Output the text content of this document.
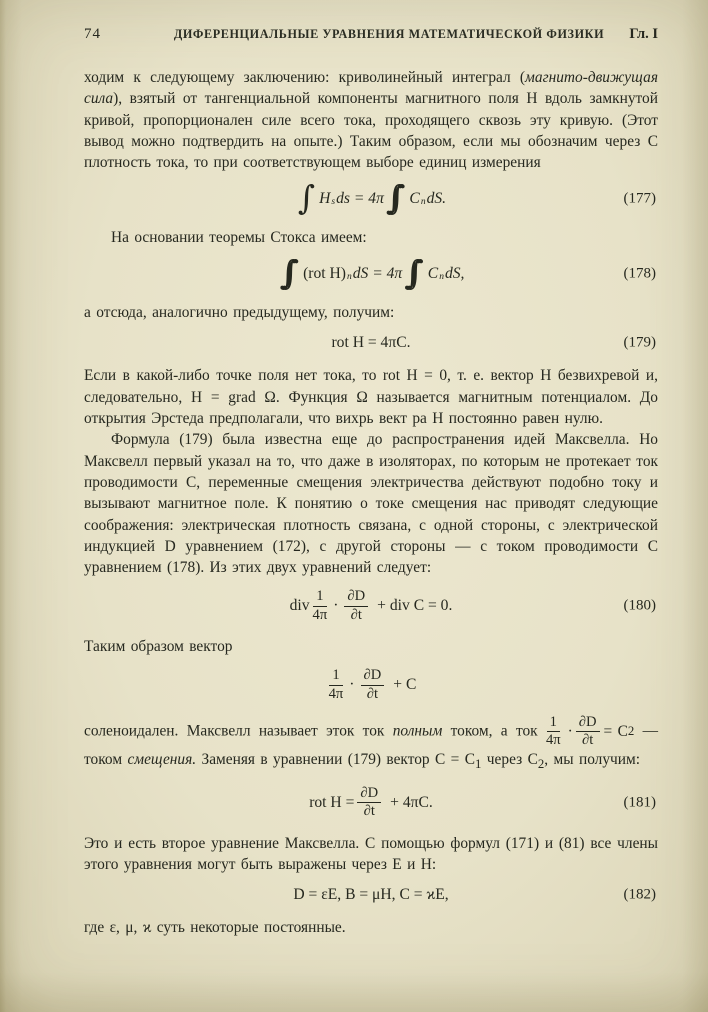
74	ДИФЕРЕНЦИАЛЬНЫЕ УРАВНЕНИЯ МАТЕМАТИЧЕСКОЙ ФИЗИКИ	Гл. I
ходим к следующему заключению: криволинейный интеграл (магнито-движущая сила), взятый от тангенциальной компоненты магнитного поля H вдоль замкнутой кривой, пропорционален силе всего тока, проходящего сквозь эту кривую. (Этот вывод можно подтвердить на опыте.) Таким образом, если мы обозначим через C плотность тока, то при соответствующем выборе единиц измерения
∫ $H_s$ ds = 4π ∫∫	$C_n$ dS.	(177)
На основании теоремы Стокса имеем:
∫∫	(rot $H)_n$ dS = 4π ∫∫	$C_n$ dS,	(178)
а отсюда, аналогично предыдущему, получим:
rot H = 4πC.	(179)
Если в какой-либо точке поля нет тока, то rot H = 0, т. е. вектор H безвихревой и, следовательно, H = grad Ω. Функция Ω называется магнитным потенциалом. До открытия Эрстеда предполагали, что вихрь вект ра H постоянно равен нулю.
Формула (179) была известна еще до распространения идей Максвелла. Но Максвелл первый указал на то, что даже в изоляторах, по которым не протекает ток проводимости C, переменные смещения электричества действуют подобно току и вызывают магнитное поле. К понятию о токе смещения нас приводят следующие соображения: электрическая плотность связана, с одной стороны, с электрической индукцией D уравнением (172), с другой стороны — с током проводимости C уравнением (178). Из этих двух уравнений следует:
div $\frac{1}{4\pi} \cdot \frac{\partial D}{\partial t}$ + div C = 0.	(180)
Таким образом вектор
$\frac{1}{4\pi} \cdot \frac{\partial D}{\partial t} + C$
соленоидален. Максвелл называет эток ток полным током, а ток $\frac{1}{4\pi} \cdot \frac{\partial D}{\partial t} = C$ 2 — током смещения. Заменяя в уравнении (179) вектор $C = C_1$ через $C_2$, мы получим:
rot $H = \frac{\partial D}{\partial t} + 4\pi C$.	(181)
Это и есть второе уравнение Максвелла. С помощью формул (171) и (81) все члены этого уравнения могут быть выражены через E и H:
D = εE, B = μH, C = ϰE,	(182)
где ε, μ, ϰ суть некоторые постоянные.
